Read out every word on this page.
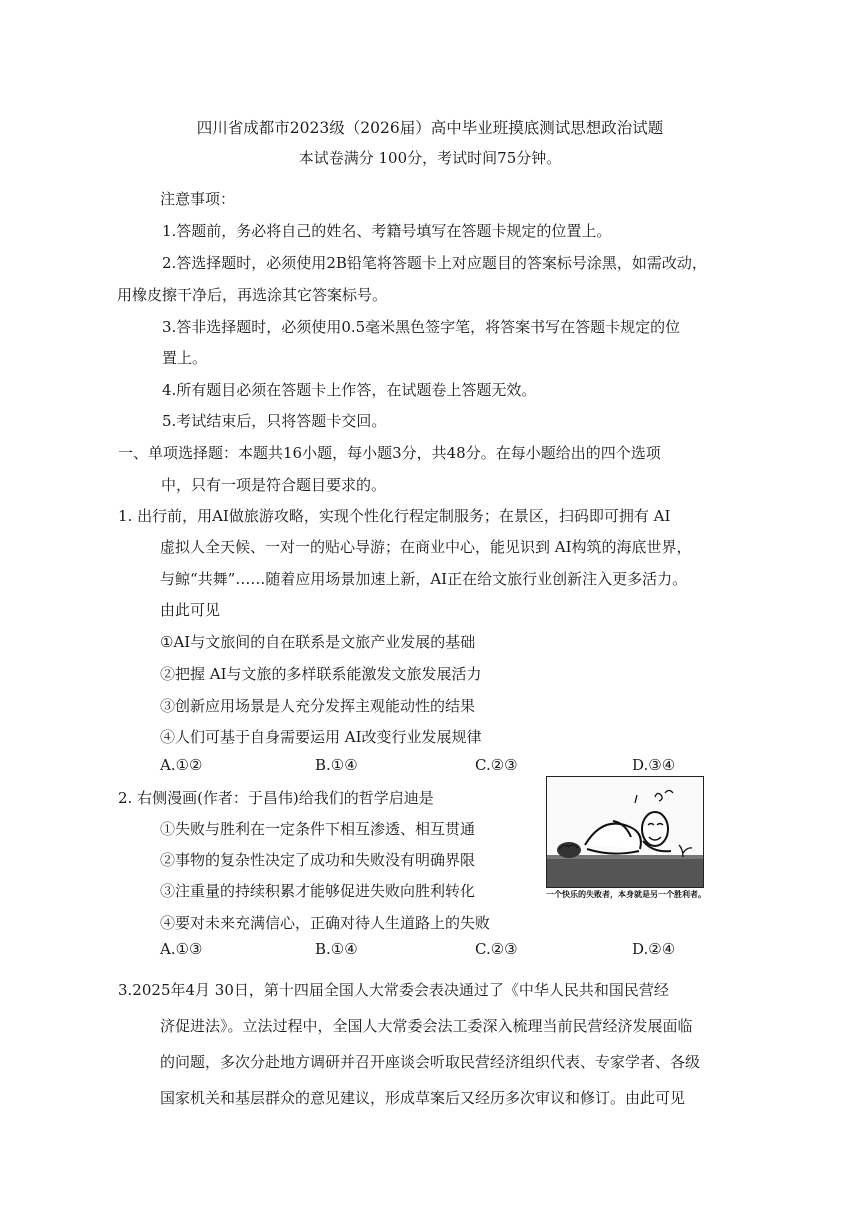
四川省成都市2023级（2026届）高中毕业班摸底测试思想政治试题
本试卷满分 100分，考试时间75分钟。
注意事项：
1.答题前，务必将自己的姓名、考籍号填写在答题卡规定的位置上。
2.答选择题时，必须使用2B铅笔将答题卡上对应题目的答案标号涂黑，如需改动，
用橡皮擦干净后，再选涂其它答案标号。
3.答非选择题时，必须使用0.5毫米黑色签字笔，将答案书写在答题卡规定的位
置上。
4.所有题目必须在答题卡上作答，在试题卷上答题无效。
5.考试结束后，只将答题卡交回。
一、单项选择题：本题共16小题，每小题3分，共48分。在每小题给出的四个选项
中，只有一项是符合题目要求的。
1. 出行前，用AI做旅游攻略，实现个性化行程定制服务；在景区，扫码即可拥有 AI
虚拟人全天候、一对一的贴心导游；在商业中心，能见识到 AI构筑的海底世界，
与鲸“共舞”……随着应用场景加速上新，AI正在给文旅行业创新注入更多活力。
由此可见
①AI与文旅间的自在联系是文旅产业发展的基础
②把握 AI与文旅的多样联系能激发文旅发展活力
③创新应用场景是人充分发挥主观能动性的结果
④人们可基于自身需要运用 AI改变行业发展规律
A.①②	B.①④	C.②③	D.③④
2. 右侧漫画(作者：于昌伟)给我们的哲学启迪是
①失败与胜利在一定条件下相互渗透、相互贯通
②事物的复杂性决定了成功和失败没有明确界限
③注重量的持续积累才能够促进失败向胜利转化
④要对未来充满信心，正确对待人生道路上的失败
A.①③	B.①④	C.②③	D.②④
一个快乐的失败者，本身就是另一个胜利者。
3.2025年4月 30日，第十四届全国人大常委会表决通过了《中华人民共和国民营经
济促进法》。立法过程中，全国人大常委会法工委深入梳理当前民营经济发展面临
的问题，多次分赴地方调研并召开座谈会听取民营经济组织代表、专家学者、各级
国家机关和基层群众的意见建议，形成草案后又经历多次审议和修订。由此可见
